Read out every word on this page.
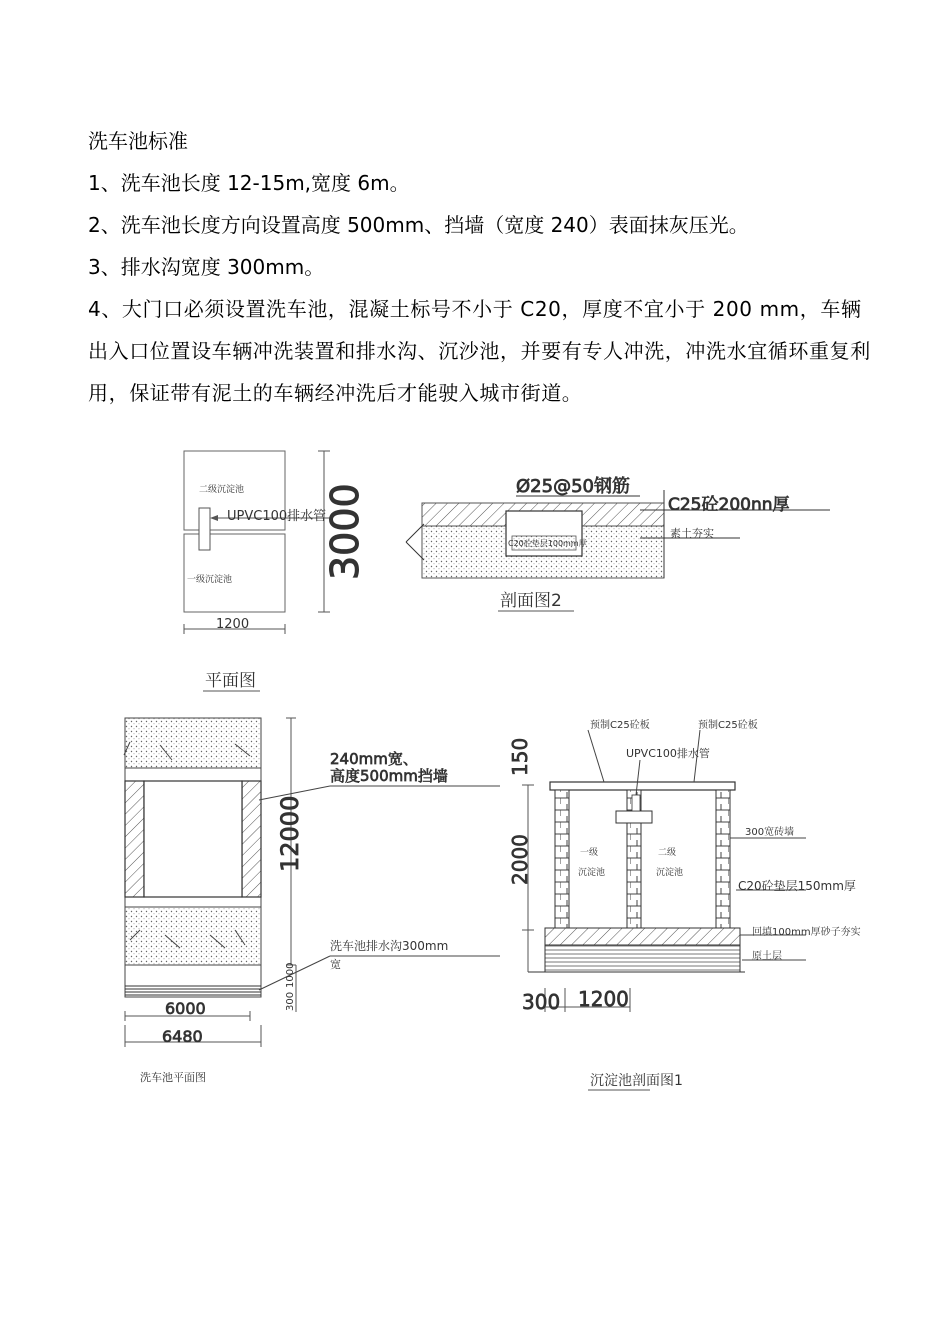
洗车池标准

1、洗车池长度 12-15m,宽度 6m。

2、洗车池长度方向设置高度 500mm、挡墙（宽度 240）表面抹灰压光。

3、排水沟宽度 300mm。

4、大门口必须设置洗车池，混凝土标号不小于 C20，厚度不宜小于 200 mm，车辆出入口位置设车辆冲洗装置和排水沟、沉沙池，并要有专人冲洗，冲洗水宜循环重复利用，保证带有泥土的车辆经冲洗后才能驶入城市街道。

二级沉淀池
UPVC100排水管
一级沉淀池
1200
3000
平面图
Ø25@50钢筋
C25砼200nn厚
素土夯实
C20砼垫层100mm厚
剖面图2
240mm宽、
高度500mm挡墙
12000
洗车池排水沟300mm
宽
300
1000
6000
6480
洗车池平面图
预制C25砼板	预制C25砼板
UPVC100排水管
300宽砖墙
C20砼垫层150mm厚
回填100mm厚砂子夯实
原土层
一级
沉淀池
二级
沉淀池
2000
150
300 1200
沉淀池剖面图1
